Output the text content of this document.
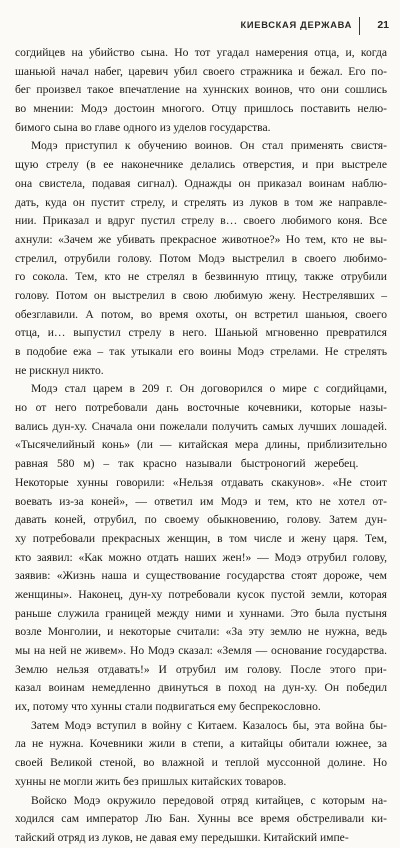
КИЕВСКАЯ ДЕРЖАВА 21
согдийцев на убийство сына. Но тот угадал намерения отца, и, когда
шаньюй начал набег, царевич убил своего стражника и бежал. Его по-
бег произвел такое впечатление на хуннских воинов, что они сошлись
во мнении: Модэ достоин многого. Отцу пришлось поставить нелю-
бимого сына во главе одного из уделов государства.
Модэ приступил к обучению воинов. Он стал применять свистя-
щую стрелу (в ее наконечнике делались отверстия, и при выстреле
она свистела, подавая сигнал). Однажды он приказал воинам наблю-
дать, куда он пустит стрелу, и стрелять из луков в том же направле-
нии. Приказал и вдруг пустил стрелу в… своего любимого коня. Все
ахнули: «Зачем же убивать прекрасное животное?» Но тем, кто не вы-
стрелил, отрубили голову. Потом Модэ выстрелил в своего любимо-
го сокола. Тем, кто не стрелял в безвинную птицу, также отрубили
голову. Потом он выстрелил в свою любимую жену. Нестрелявших –
обезглавили. А потом, во время охоты, он встретил шаньюя, своего
отца, и… выпустил стрелу в него. Шаньюй мгновенно превратился
в подобие ежа – так утыкали его воины Модэ стрелами. Не стрелять
не рискнул никто.
Модэ стал царем в 209 г. Он договорился о мире с согдийцами,
но от него потребовали дань восточные кочевники, которые назы-
вались дун-ху. Сначала они пожелали получить самых лучших лошадей.
«Тысячелийный конь» (ли — китайская мера длины, приблизительно
равная 580 м) – так красно называли быстроногий жеребец.
Некоторые хунны говорили: «Нельзя отдавать скакунов». «Не стоит
воевать из-за коней», — ответил им Модэ и тем, кто не хотел от-
давать коней, отрубил, по своему обыкновению, голову. Затем дун-
ху потребовали прекрасных женщин, в том числе и жену царя. Тем,
кто заявил: «Как можно отдать наших жен!» — Модэ отрубил голову,
заявив: «Жизнь наша и существование государства стоят дороже, чем
женщины». Наконец, дун-ху потребовали кусок пустой земли, которая
раньше служила границей между ними и хуннами. Это была пустыня
возле Монголии, и некоторые считали: «За эту землю не нужна, ведь
мы на ней не живем». Но Модэ сказал: «Земля — основание государства.
Землю нельзя отдавать!» И отрубил им голову. После этого при-
казал воинам немедленно двинуться в поход на дун-ху. Он победил
их, потому что хунны стали подвигаться ему беспрекословно.
Затем Модэ вступил в войну с Китаем. Казалось бы, эта война бы-
ла не нужна. Кочевники жили в степи, а китайцы обитали южнее, за
своей Великой стеной, во влажной и теплой муссонной долине. Но
хунны не могли жить без пришлых китайских товаров.
Войско Модэ окружило передовой отряд китайцев, с которым на-
ходился сам император Лю Бан. Хунны все время обстреливали ки-
тайский отряд из луков, не давая ему передышки. Китайский импе-
